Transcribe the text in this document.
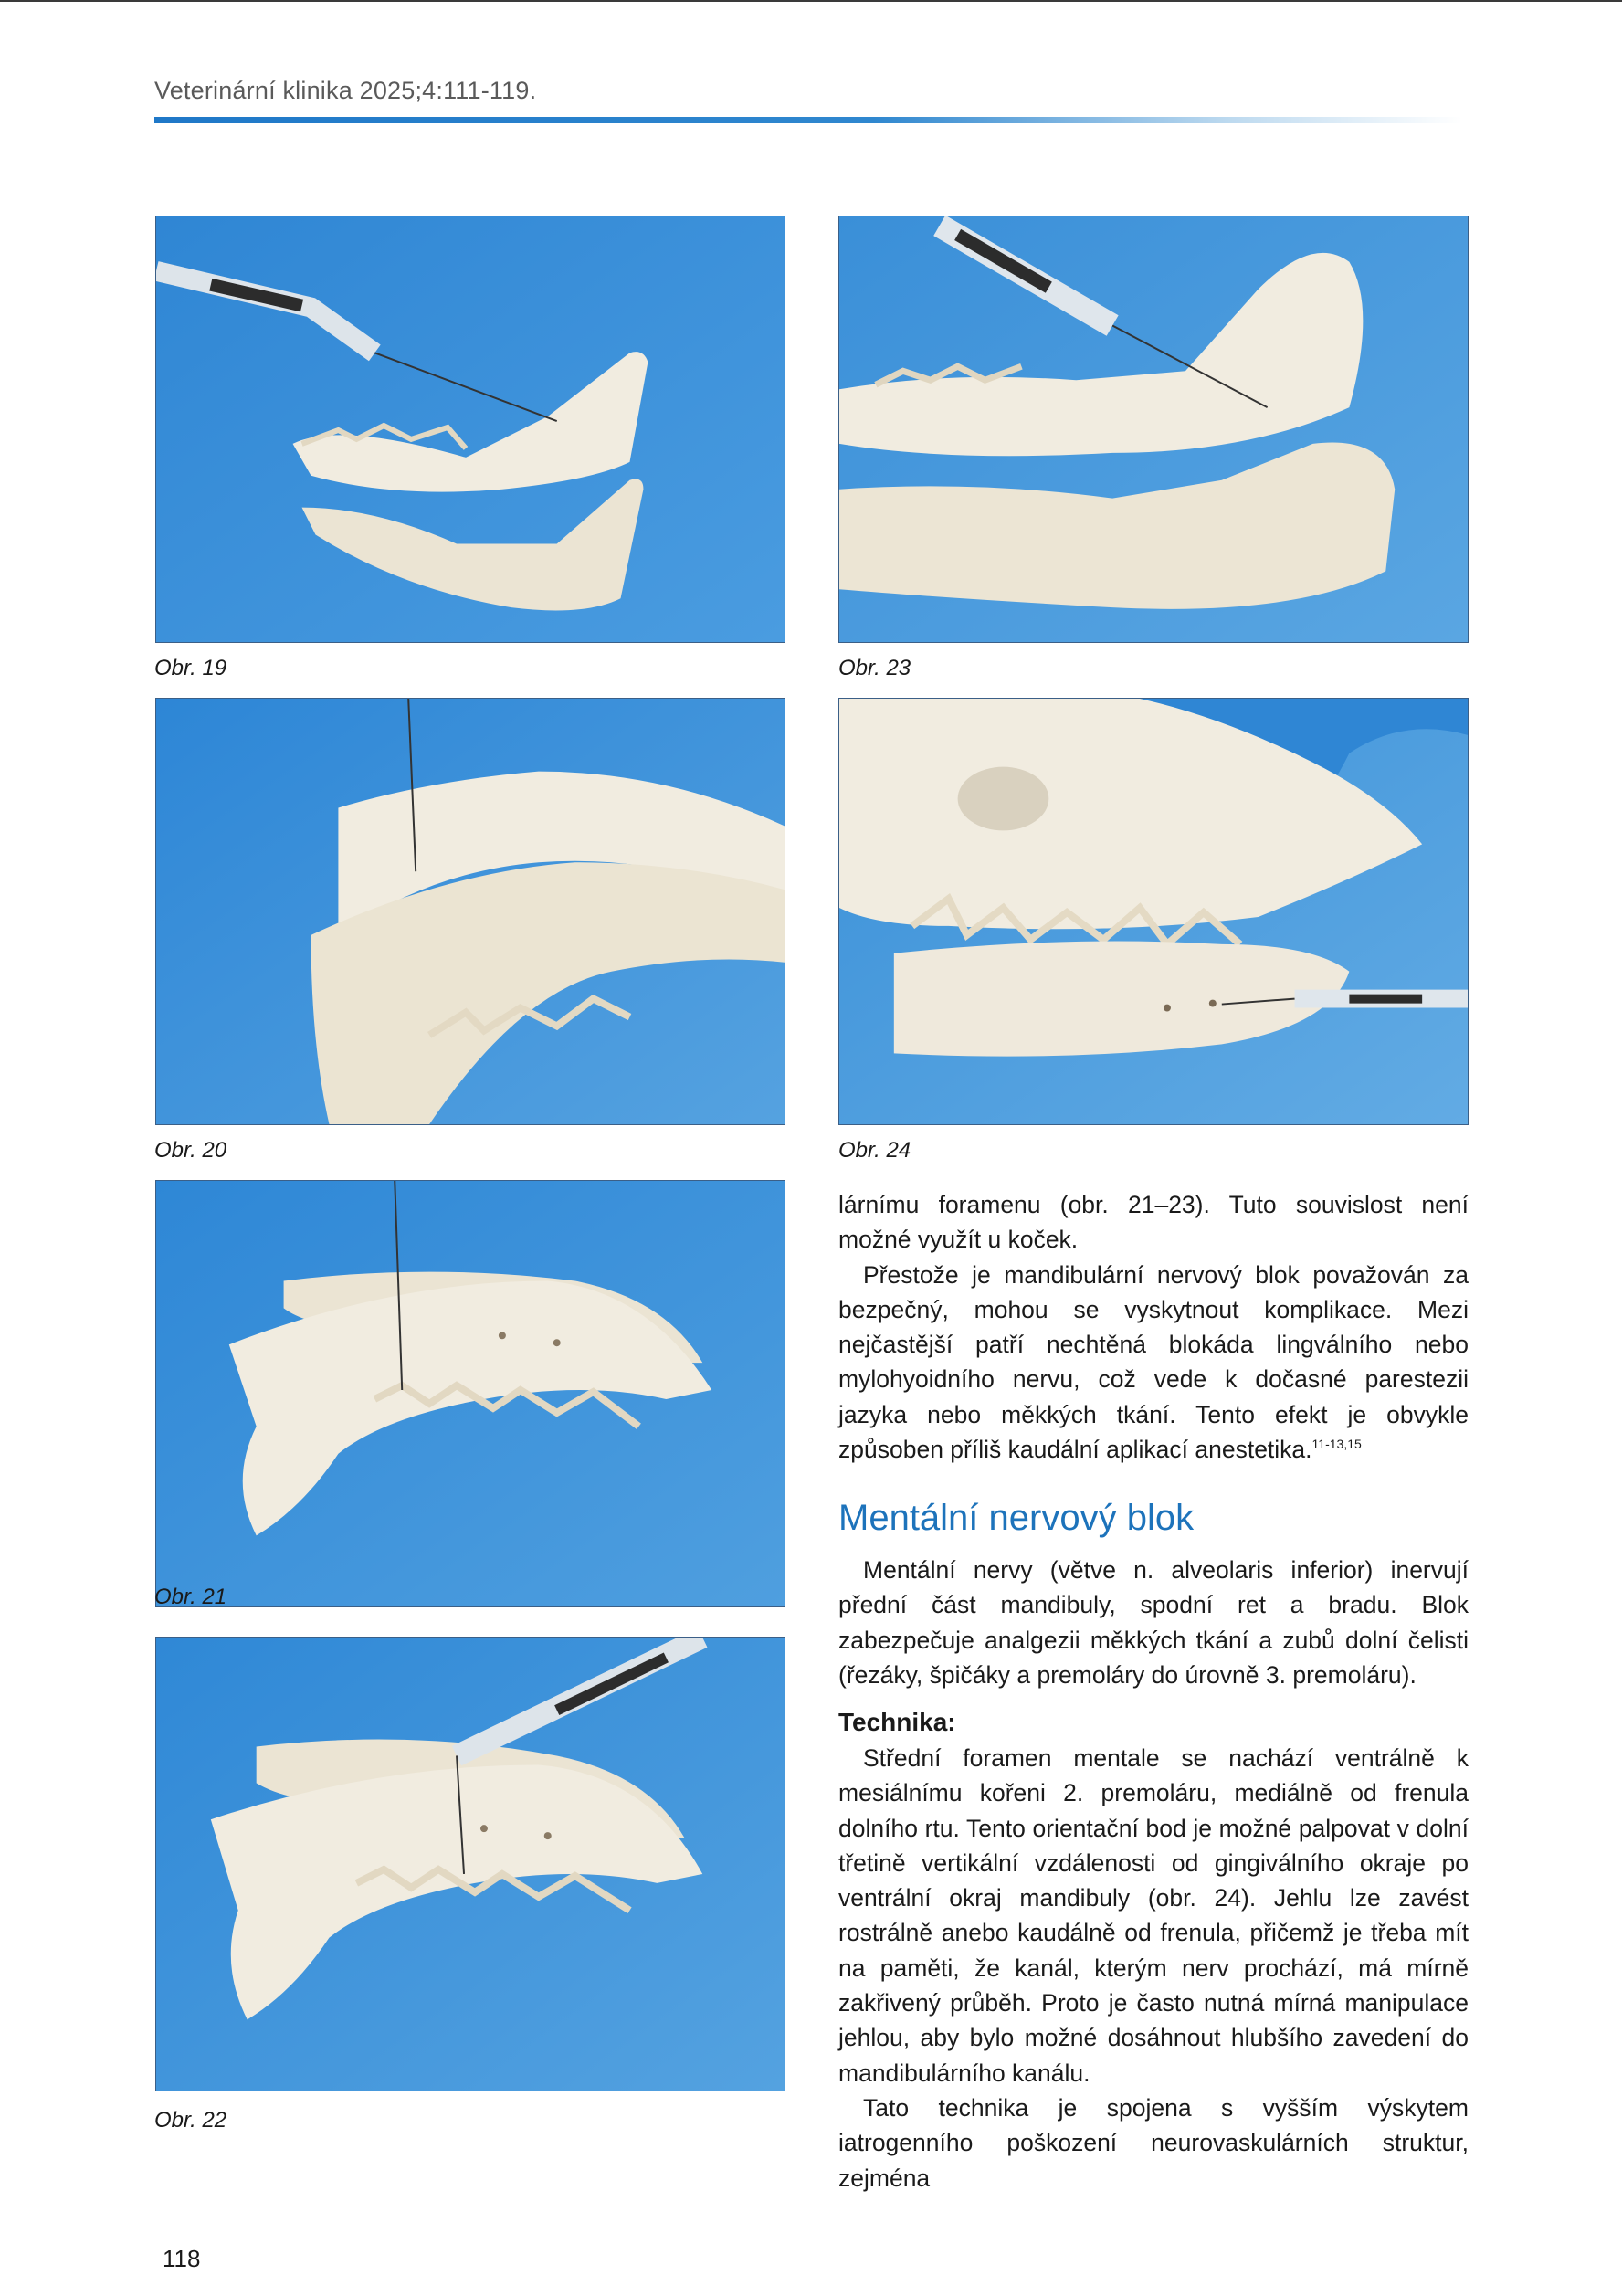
Veterinární klinika 2025;4:111-119.
Obr. 19	Obr. 23
Obr. 20	Obr. 24
Obr. 21
Obr. 22

lárnímu foramenu (obr. 21–23). Tuto souvislost není možné využít u koček.

Přestože je mandibulární nervový blok považován za bezpečný, mohou se vyskytnout komplikace. Mezi nejčastější patří nechtěná blokáda lingválního nebo mylohyoidního nervu, což vede k dočasné parestezii jazyka nebo měkkých tkání. Tento efekt je obvykle způsoben příliš kaudální aplikací anestetika.$^{11-13,15}$

Mentální nervový blok

Mentální nervy (větve n. alveolaris inferior) inervují přední část mandibuly, spodní ret a bradu. Blok zabezpečuje analgezii měkkých tkání a zubů dolní čelisti (řezáky, špičáky a premoláry do úrovně 3. premoláru).

Technika:

Střední foramen mentale se nachází ventrálně k mesiálnímu kořeni 2. premoláru, mediálně od frenula dolního rtu. Tento orientační bod je možné palpovat v dolní třetině vertikální vzdálenosti od gingiválního okraje po ventrální okraj mandibuly (obr. 24). Jehlu lze zavést rostrálně anebo kaudálně od frenula, přičemž je třeba mít na paměti, že kanál, kterým nerv prochází, má mírně zakřivený průběh. Proto je často nutná mírná manipulace jehlou, aby bylo možné dosáhnout hlubšího zavedení do mandibulárního kanálu.

Tato technika je spojena s vyšším výskytem iatrogenního poškození neurovaskulárních struktur, zejména

118
